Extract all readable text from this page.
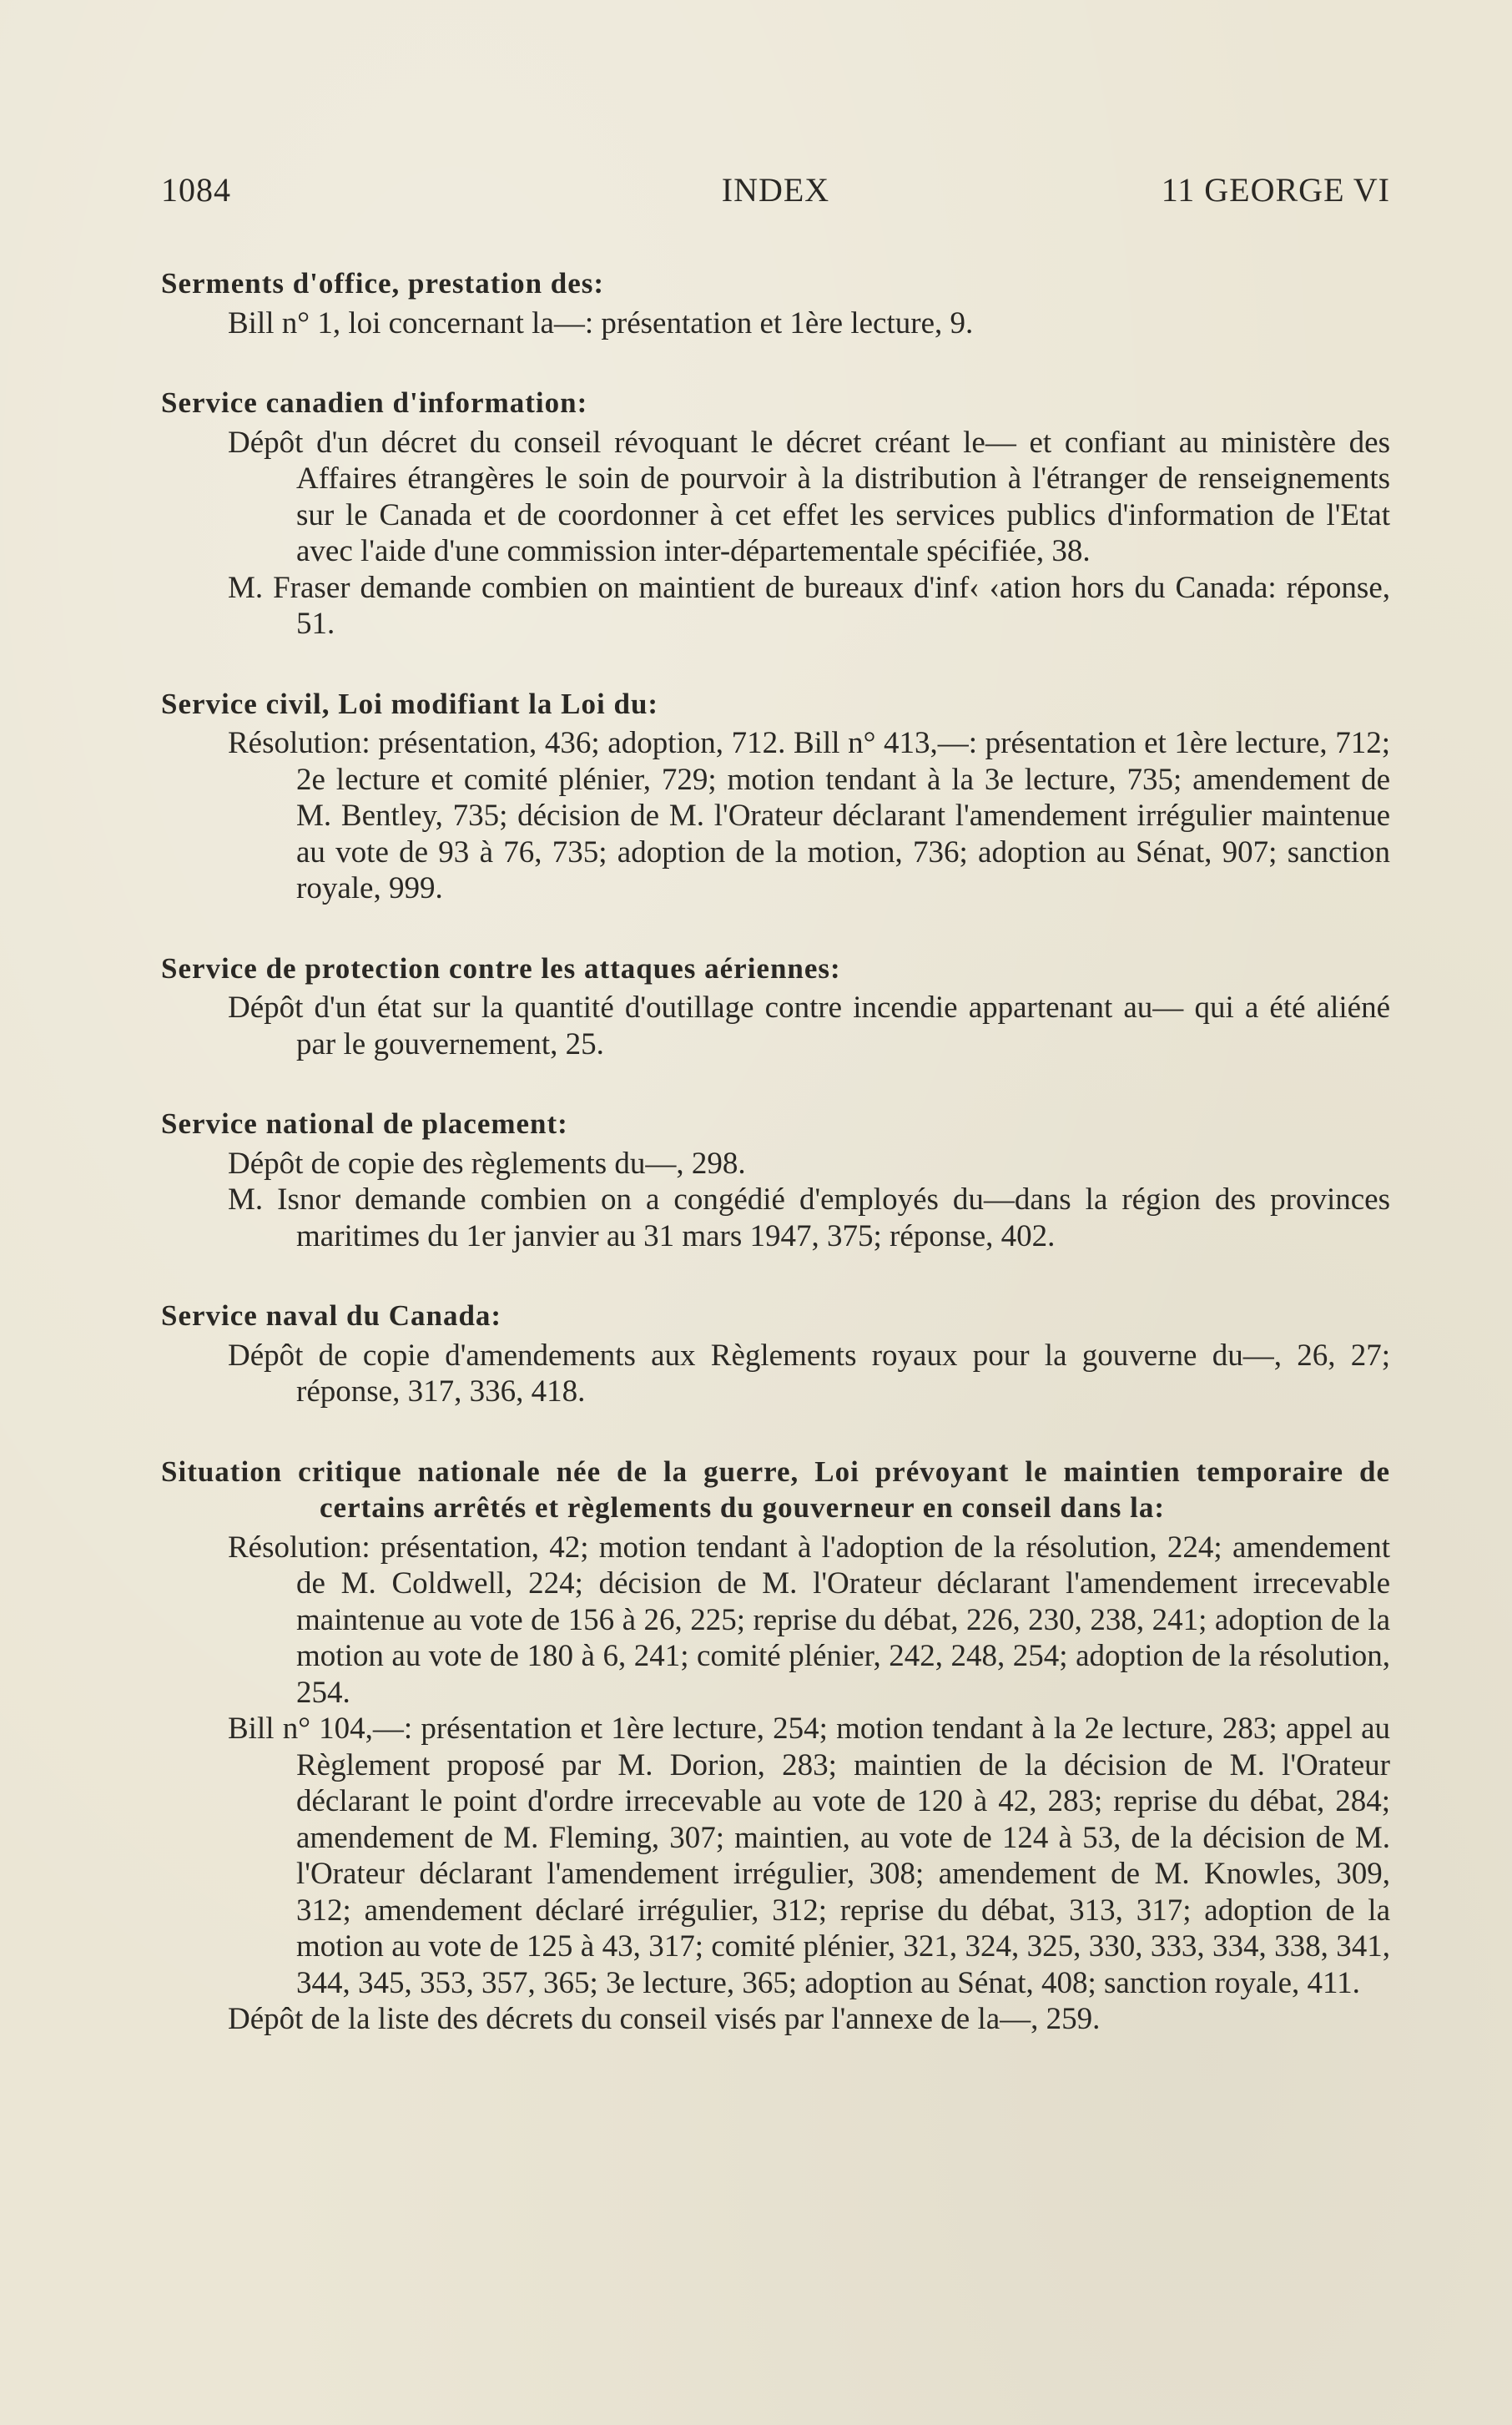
1084	INDEX	11 GEORGE VI
Serments d'office, prestation des:
Bill n° 1, loi concernant la—: présentation et 1ère lecture, 9.
Service canadien d'information:
Dépôt d'un décret du conseil révoquant le décret créant le— et confiant au ministère des Affaires étrangères le soin de pourvoir à la distribution à l'étranger de renseignements sur le Canada et de coordonner à cet effet les services publics d'information de l'Etat avec l'aide d'une commission inter-départementale spécifiée, 38.
M. Fraser demande combien on maintient de bureaux d'inf‹ ‹ation hors du Canada: réponse, 51.
Service civil, Loi modifiant la Loi du:
Résolution: présentation, 436; adoption, 712. Bill n° 413,—: présentation et 1ère lecture, 712; 2e lecture et comité plénier, 729; motion tendant à la 3e lecture, 735; amendement de M. Bentley, 735; décision de M. l'Orateur déclarant l'amendement irrégulier maintenue au vote de 93 à 76, 735; adoption de la motion, 736; adoption au Sénat, 907; sanction royale, 999.
Service de protection contre les attaques aériennes:
Dépôt d'un état sur la quantité d'outillage contre incendie appartenant au— qui a été aliéné par le gouvernement, 25.
Service national de placement:
Dépôt de copie des règlements du—, 298.
M. Isnor demande combien on a congédié d'employés du—dans la région des provinces maritimes du 1er janvier au 31 mars 1947, 375; réponse, 402.
Service naval du Canada:
Dépôt de copie d'amendements aux Règlements royaux pour la gouverne du—, 26, 27; réponse, 317, 336, 418.
Situation critique nationale née de la guerre, Loi prévoyant le maintien temporaire de certains arrêtés et règlements du gouverneur en conseil dans la:
Résolution: présentation, 42; motion tendant à l'adoption de la résolution, 224; amendement de M. Coldwell, 224; décision de M. l'Orateur déclarant l'amendement irrecevable maintenue au vote de 156 à 26, 225; reprise du débat, 226, 230, 238, 241; adoption de la motion au vote de 180 à 6, 241; comité plénier, 242, 248, 254; adoption de la résolution, 254.
Bill n° 104,—: présentation et 1ère lecture, 254; motion tendant à la 2e lecture, 283; appel au Règlement proposé par M. Dorion, 283; maintien de la décision de M. l'Orateur déclarant le point d'ordre irrecevable au vote de 120 à 42, 283; reprise du débat, 284; amendement de M. Fleming, 307; maintien, au vote de 124 à 53, de la décision de M. l'Orateur déclarant l'amendement irrégulier, 308; amendement de M. Knowles, 309, 312; amendement déclaré irrégulier, 312; reprise du débat, 313, 317; adoption de la motion au vote de 125 à 43, 317; comité plénier, 321, 324, 325, 330, 333, 334, 338, 341, 344, 345, 353, 357, 365; 3e lecture, 365; adoption au Sénat, 408; sanction royale, 411.
Dépôt de la liste des décrets du conseil visés par l'annexe de la—, 259.
